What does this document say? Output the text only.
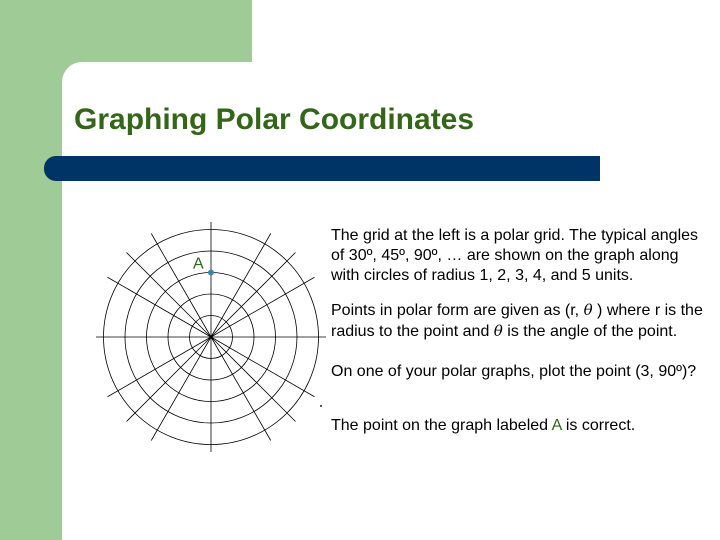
Graphing Polar Coordinates
A

The grid at the left is a polar grid. The typical angles of 30º, 45º, 90º, … are shown on the graph along with circles of radius 1, 2, 3, 4, and 5 units.

Points in polar form are given as (r, θ ) where r is the radius to the point and θ is the angle of the point.

On one of your polar graphs, plot the point (3, 90º)?

The point on the graph labeled A is correct.
